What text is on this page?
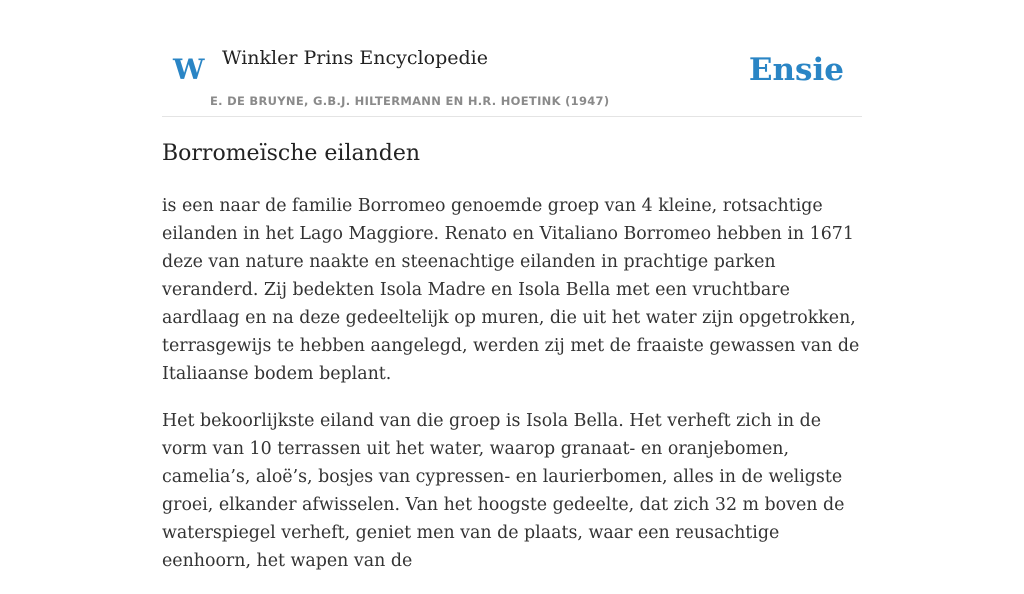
W Winkler Prins Encyclopedie
E. DE BRUYNE, G.B.J. HILTERMANN EN H.R. HOETINK (1947)
Ensie
Borromeïsche eilanden

is een naar de familie Borromeo genoemde groep van 4 kleine, rotsachtige eilanden in het Lago Maggiore. Renato en Vitaliano Borromeo hebben in 1671 deze van nature naakte en steenachtige eilanden in prachtige parken veranderd. Zij bedekten Isola Madre en Isola Bella met een vruchtbare aardlaag en na deze gedeeltelijk op muren, die uit het water zijn opgetrokken, terrasgewijs te hebben aangelegd, werden zij met de fraaiste gewassen van de Italiaanse bodem beplant.

Het bekoorlijkste eiland van die groep is Isola Bella. Het verheft zich in de vorm van 10 terrassen uit het water, waarop granaat- en oranjebomen, camelia’s, aloë’s, bosjes van cypressen- en laurierbomen, alles in de weligste groei, elkander afwisselen. Van het hoogste gedeelte, dat zich 32 m boven de waterspiegel verheft, geniet men van de plaats, waar een reusachtige eenhoorn, het wapen van de
